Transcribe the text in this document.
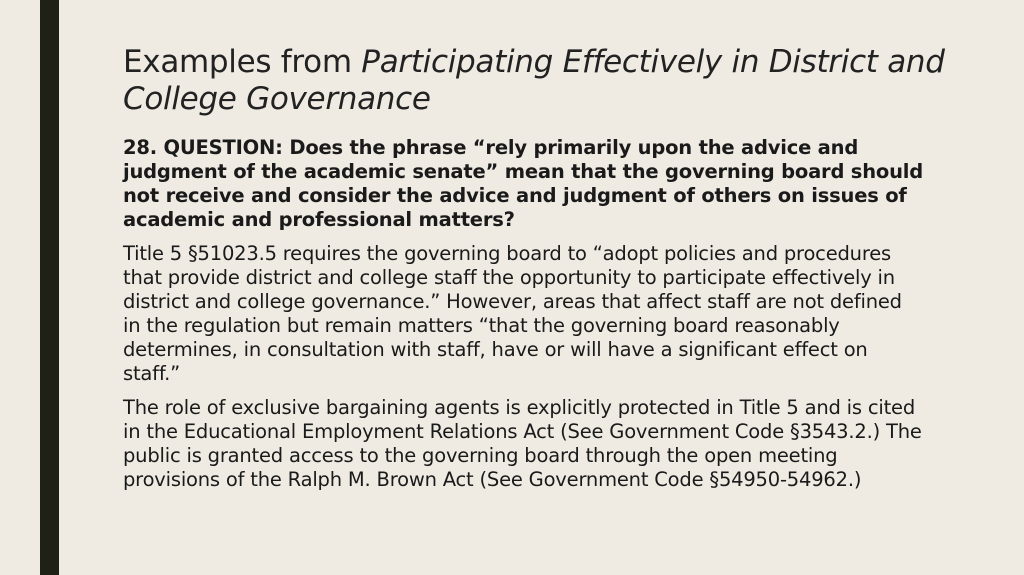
Examples from Participating Effectively in District and College Governance

28. QUESTION: Does the phrase “rely primarily upon the advice and judgment of the academic senate” mean that the governing board should not receive and consider the advice and judgment of others on issues of academic and professional matters?

Title 5 §51023.5 requires the governing board to “adopt policies and procedures that provide district and college staff the opportunity to participate effectively in district and college governance.” However, areas that affect staff are not defined in the regulation but remain matters “that the governing board reasonably determines, in consultation with staff, have or will have a significant effect on staff.”

The role of exclusive bargaining agents is explicitly protected in Title 5 and is cited in the Educational Employment Relations Act (See Government Code §3543.2.) The public is granted access to the governing board through the open meeting provisions of the Ralph M. Brown Act (See Government Code §54950-54962.)
